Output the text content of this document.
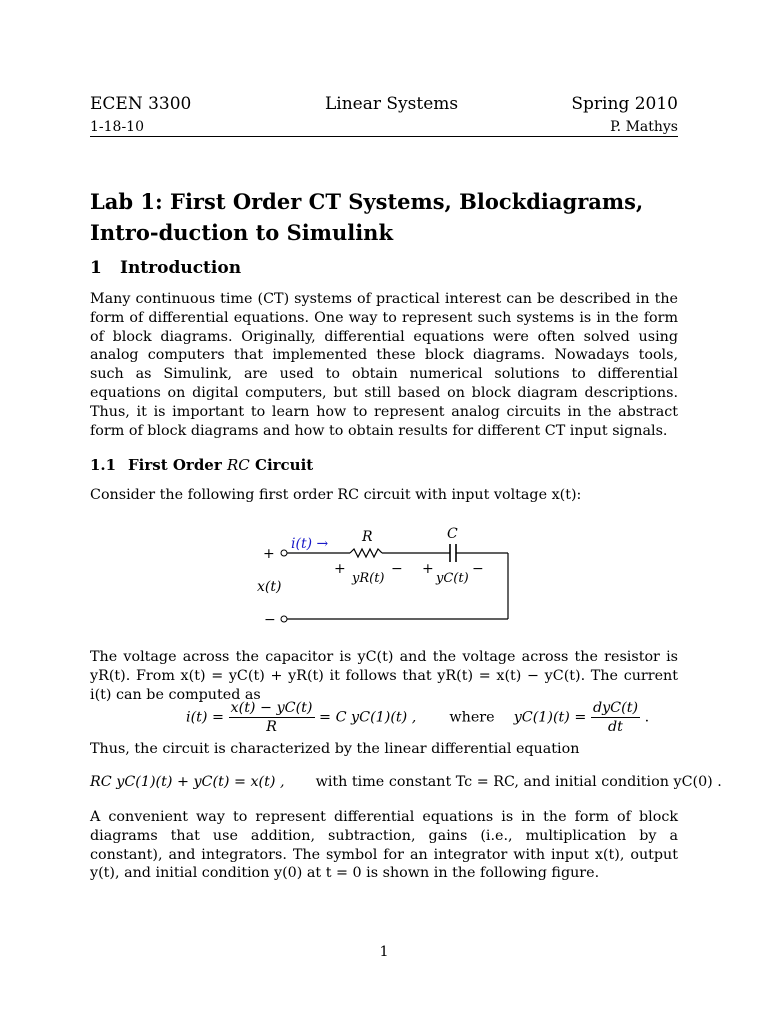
ECEN 3300	Linear Systems	Spring 2010
1-18-10	P. Mathys
Lab 1: First Order CT Systems, Blockdiagrams, Intro-duction to Simulink
1 Introduction
Many continuous time (CT) systems of practical interest can be described in the form of differential equations. One way to represent such systems is in the form of block diagrams. Originally, differential equations were often solved using analog computers that implemented these block diagrams. Nowadays tools, such as Simulink, are used to obtain numerical solutions to differential equations on digital computers, but still based on block diagram descriptions. Thus, it is important to learn how to represent analog circuits in the abstract form of block diagrams and how to obtain results for different CT input signals.
1.1 First Order RC Circuit
Consider the following first order RC circuit with input voltage x(t):
+
−
x(t)
i(t) → R	C
+
yR(t)
− +
yC(t)
−
The voltage across the capacitor is yC(t) and the voltage across the resistor is yR(t). From x(t) = yC(t) + yR(t) it follows that yR(t) = x(t) − yC(t). The current i(t) can be computed as
$i(t) = \frac{x(t) - yC(t)}{R} = C$ yC(1)(t) , where $yC(1)(t) = \frac{\text{dyC(t)}}{dt}$ .
Thus, the circuit is characterized by the linear differential equation
RC yC(1)(t) + yC(t) = x(t) , with time constant Tc = RC, and initial condition yC(0) .
A convenient way to represent differential equations is in the form of block diagrams that use addition, subtraction, gains (i.e., multiplication by a constant), and integrators. The symbol for an integrator with input x(t), output y(t), and initial condition y(0) at t = 0 is shown in the following figure.
1
